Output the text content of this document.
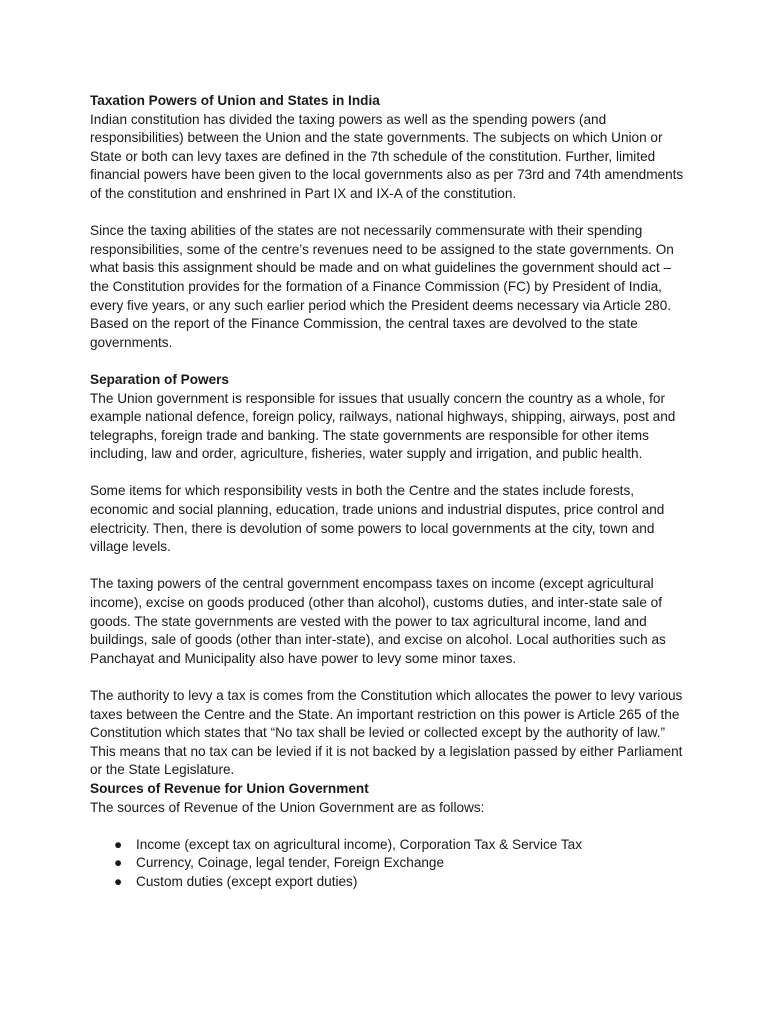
Taxation Powers of Union and States in India

Indian constitution has divided the taxing powers as well as the spending powers (and responsibilities) between the Union and the state governments. The subjects on which Union or State or both can levy taxes are defined in the 7th schedule of the constitution. Further, limited financial powers have been given to the local governments also as per 73rd and 74th amendments of the constitution and enshrined in Part IX and IX-A of the constitution.

Since the taxing abilities of the states are not necessarily commensurate with their spending responsibilities, some of the centre’s revenues need to be assigned to the state governments. On what basis this assignment should be made and on what guidelines the government should act – the Constitution provides for the formation of a Finance Commission (FC) by President of India, every five years, or any such earlier period which the President deems necessary via Article 280. Based on the report of the Finance Commission, the central taxes are devolved to the state governments.

Separation of Powers

The Union government is responsible for issues that usually concern the country as a whole, for example national defence, foreign policy, railways, national highways, shipping, airways, post and telegraphs, foreign trade and banking. The state governments are responsible for other items including, law and order, agriculture, fisheries, water supply and irrigation, and public health.

Some items for which responsibility vests in both the Centre and the states include forests, economic and social planning, education, trade unions and industrial disputes, price control and electricity. Then, there is devolution of some powers to local governments at the city, town and village levels.

The taxing powers of the central government encompass taxes on income (except agricultural income), excise on goods produced (other than alcohol), customs duties, and inter-state sale of goods. The state governments are vested with the power to tax agricultural income, land and buildings, sale of goods (other than inter-state), and excise on alcohol. Local authorities such as Panchayat and Municipality also have power to levy some minor taxes.

The authority to levy a tax is comes from the Constitution which allocates the power to levy various taxes between the Centre and the State. An important restriction on this power is Article 265 of the Constitution which states that “No tax shall be levied or collected except by the authority of law.” This means that no tax can be levied if it is not backed by a legislation passed by either Parliament or the State Legislature.

Sources of Revenue for Union Government

The sources of Revenue of the Union Government are as follows:

● Income (except tax on agricultural income), Corporation Tax & Service Tax
● Currency, Coinage, legal tender, Foreign Exchange
● Custom duties (except export duties)
